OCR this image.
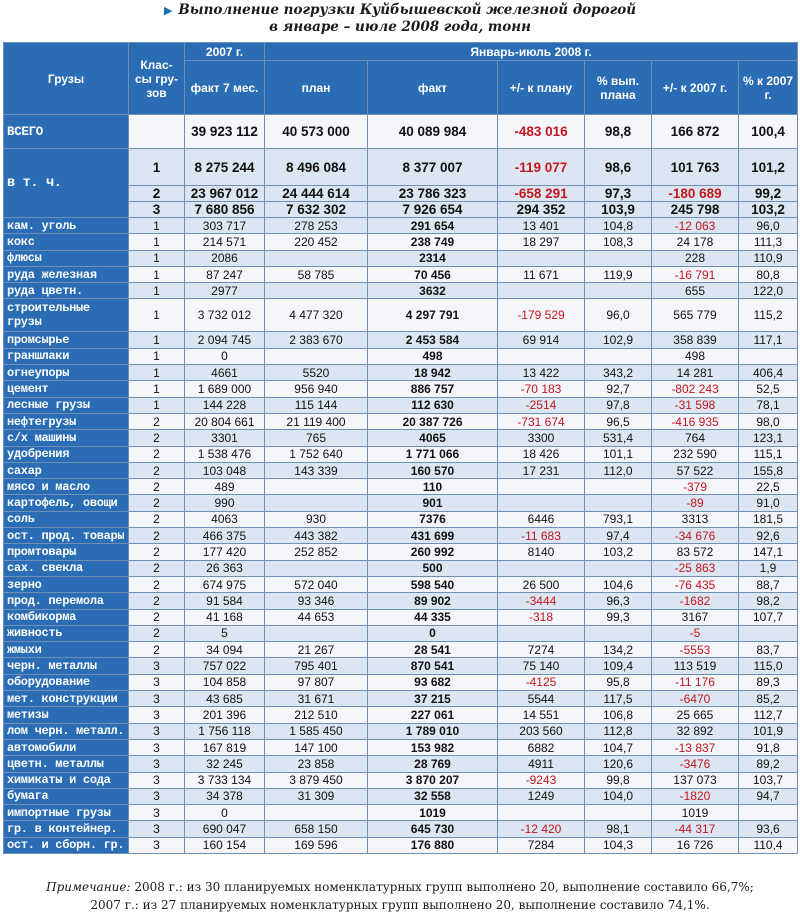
▶ Выполнение погрузки Куйбышевской железной дорогой
в январе – июле 2008 года, тонн
Грузы	Клас-сы гру-зов	2007 г.	Январь-июль 2008 г.					
		факт 7 мес.	план	факт	+/- к плану	% вып. плана	+/- к 2007 г.	% к 2007 г.
ВСЕГО		39 923 112	40 573 000	40 089 984	-483 016	98,8	166 872	100,4
в т. ч.	1	8 275 244	8 496 084	8 377 007	-119 077	98,6	101 763	101,2
	2	23 967 012	24 444 614	23 786 323	-658 291	97,3	-180 689	99,2
	3	7 680 856	7 632 302	7 926 654	294 352	103,9	245 798	103,2
кам. уголь	1	303 717	278 253	291 654	13 401	104,8	-12 063	96,0
кокс	1	214 571	220 452	238 749	18 297	108,3	24 178	111,3
флюсы	1	2086		2314			228	110,9
руда железная	1	87 247	58 785	70 456	11 671	119,9	-16 791	80,8
руда цветн.	1	2977		3632			655	122,0
строительные грузы	1	3 732 012	4 477 320	4 297 791	-179 529	96,0	565 779	115,2
промсырье	1	2 094 745	2 383 670	2 453 584	69 914	102,9	358 839	117,1
граншлаки	1	0		498			498	
огнеупоры	1	4661	5520	18 942	13 422	343,2	14 281	406,4
цемент	1	1 689 000	956 940	886 757	-70 183	92,7	-802 243	52,5
лесные грузы	1	144 228	115 144	112 630	-2514	97,8	-31 598	78,1
нефтегрузы	2	20 804 661	21 119 400	20 387 726	-731 674	96,5	-416 935	98,0
с/х машины	2	3301	765	4065	3300	531,4	764	123,1
удобрения	2	1 538 476	1 752 640	1 771 066	18 426	101,1	232 590	115,1
сахар	2	103 048	143 339	160 570	17 231	112,0	57 522	155,8
мясо и масло	2	489		110			-379	22,5
картофель, овощи	2	990		901			-89	91,0
соль	2	4063	930	7376	6446	793,1	3313	181,5
ост. прод. товары	2	466 375	443 382	431 699	-11 683	97,4	-34 676	92,6
промтовары	2	177 420	252 852	260 992	8140	103,2	83 572	147,1
сах. свекла	2	26 363		500			-25 863	1,9
зерно	2	674 975	572 040	598 540	26 500	104,6	-76 435	88,7
прод. перемола	2	91 584	93 346	89 902	-3444	96,3	-1682	98,2
комбикорма	2	41 168	44 653	44 335	-318	99,3	3167	107,7
живность	2	5		0			-5	
жмыхи	2	34 094	21 267	28 541	7274	134,2	-5553	83,7
черн. металлы	3	757 022	795 401	870 541	75 140	109,4	113 519	115,0
оборудование	3	104 858	97 807	93 682	-4125	95,8	-11 176	89,3
мет. конструкции	3	43 685	31 671	37 215	5544	117,5	-6470	85,2
метизы	3	201 396	212 510	227 061	14 551	106,8	25 665	112,7
лом черн. металл.	3	1 756 118	1 585 450	1 789 010	203 560	112,8	32 892	101,9
автомобили	3	167 819	147 100	153 982	6882	104,7	-13 837	91,8
цветн. металлы	3	32 245	23 858	28 769	4911	120,6	-3476	89,2
химикаты и сода	3	3 733 134	3 879 450	3 870 207	-9243	99,8	137 073	103,7
бумага	3	34 378	31 309	32 558	1249	104,0	-1820	94,7
импортные грузы	3	0		1019			1019	
гр. в контейнер.	3	690 047	658 150	645 730	-12 420	98,1	-44 317	93,6
ост. и сборн. гр.	3	160 154	169 596	176 880	7284	104,3	16 726	110,4
Примечание: 2008 г.: из 30 планируемых номенклатурных групп выполнено 20, выполнение составило 66,7%;
2007 г.: из 27 планируемых номенклатурных групп выполнено 20, выполнение составило 74,1%.
